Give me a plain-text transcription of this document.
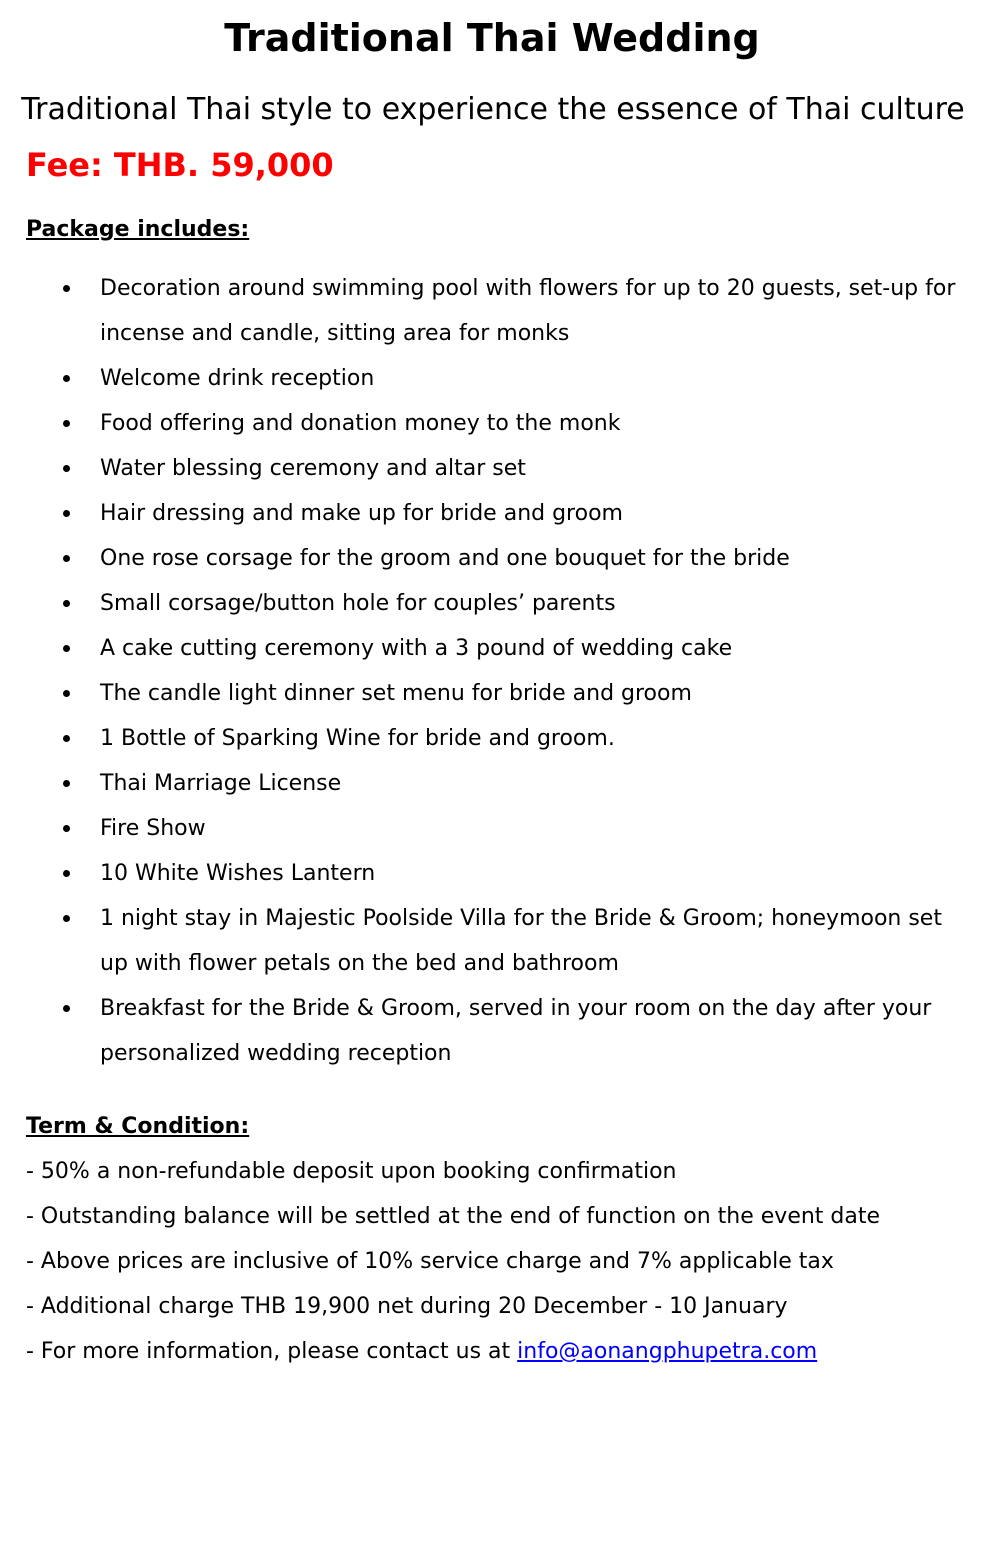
Traditional Thai Wedding
Traditional Thai style to experience the essence of Thai culture
Fee: THB. 59,000
Package includes:
Decoration around swimming pool with flowers for up to 20 guests, set-up for incense and candle, sitting area for monks
Welcome drink reception
Food offering and donation money to the monk
Water blessing ceremony and altar set
Hair dressing and make up for bride and groom
One rose corsage for the groom and one bouquet for the bride
Small corsage/button hole for couples’ parents
A cake cutting ceremony with a 3 pound of wedding cake
The candle light dinner set menu for bride and groom
1 Bottle of Sparking Wine for bride and groom.
Thai Marriage License
Fire Show
10 White Wishes Lantern
1 night stay in Majestic Poolside Villa for the Bride & Groom; honeymoon set up with flower petals on the bed and bathroom
Breakfast for the Bride & Groom, served in your room on the day after your personalized wedding reception
Term & Condition:
- 50% a non-refundable deposit upon booking confirmation
- Outstanding balance will be settled at the end of function on the event date
- Above prices are inclusive of 10% service charge and 7% applicable tax
- Additional charge THB 19,900 net during 20 December - 10 January
- For more information, please contact us at info@aonangphupetra.com
